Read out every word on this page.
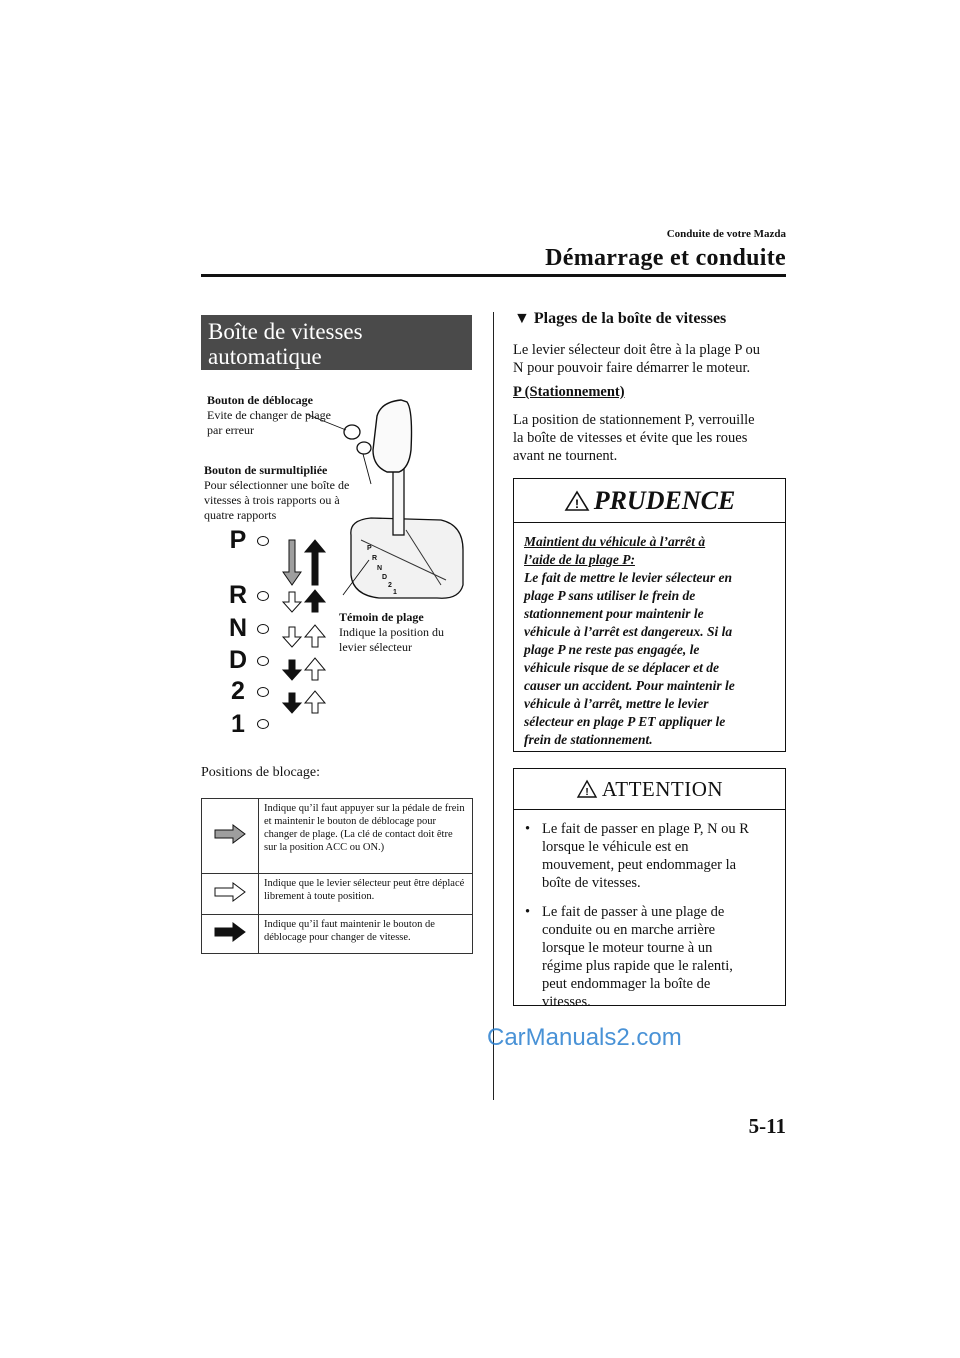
Conduite de votre Mazda
Démarrage et conduite
Boîte de vitesses
automatique
P
R
N
D
2
1
P
R
N
D
2
1
Bouton de déblocage
Evite de changer de plage
par erreur
Bouton de surmultipliée
Pour sélectionner une boîte de
vitesses à trois rapports ou à
quatre rapports
Témoin de plage
Indique la position du
levier sélecteur
Positions de blocage:
	Indique qu’il faut appuyer sur la pédale de frein et maintenir le bouton de déblocage pour changer de plage. (La clé de contact doit être sur la position ACC ou ON.)
	Indique que le levier sélecteur peut être déplacé librement à toute position.
	Indique qu’il faut maintenir le bouton de déblocage pour changer de vitesse.
▼ Plages de la boîte de vitesses
Le levier sélecteur doit être à la plage P ou
N pour pouvoir faire démarrer le moteur.
P (Stationnement)
La position de stationnement P, verrouille
la boîte de vitesses et évite que les roues
avant ne tournent.
! PRUDENCE
Maintient du véhicule à l’arrêt à
l’aide de la plage P:
Le fait de mettre le levier sélecteur en
plage P sans utiliser le frein de
stationnement pour maintenir le
véhicule à l’arrêt est dangereux. Si la
plage P ne reste pas engagée, le
véhicule risque de se déplacer et de
causer un accident. Pour maintenir le
véhicule à l’arrêt, mettre le levier
sélecteur en plage P ET appliquer le
frein de stationnement.
! ATTENTION
• Le fait de passer en plage P, N ou R
lorsque le véhicule est en
mouvement, peut endommager la
boîte de vitesses.
• Le fait de passer à une plage de
conduite ou en marche arrière
lorsque le moteur tourne à un
régime plus rapide que le ralenti,
peut endommager la boîte de
vitesses.
CarManuals2.com
5-11
